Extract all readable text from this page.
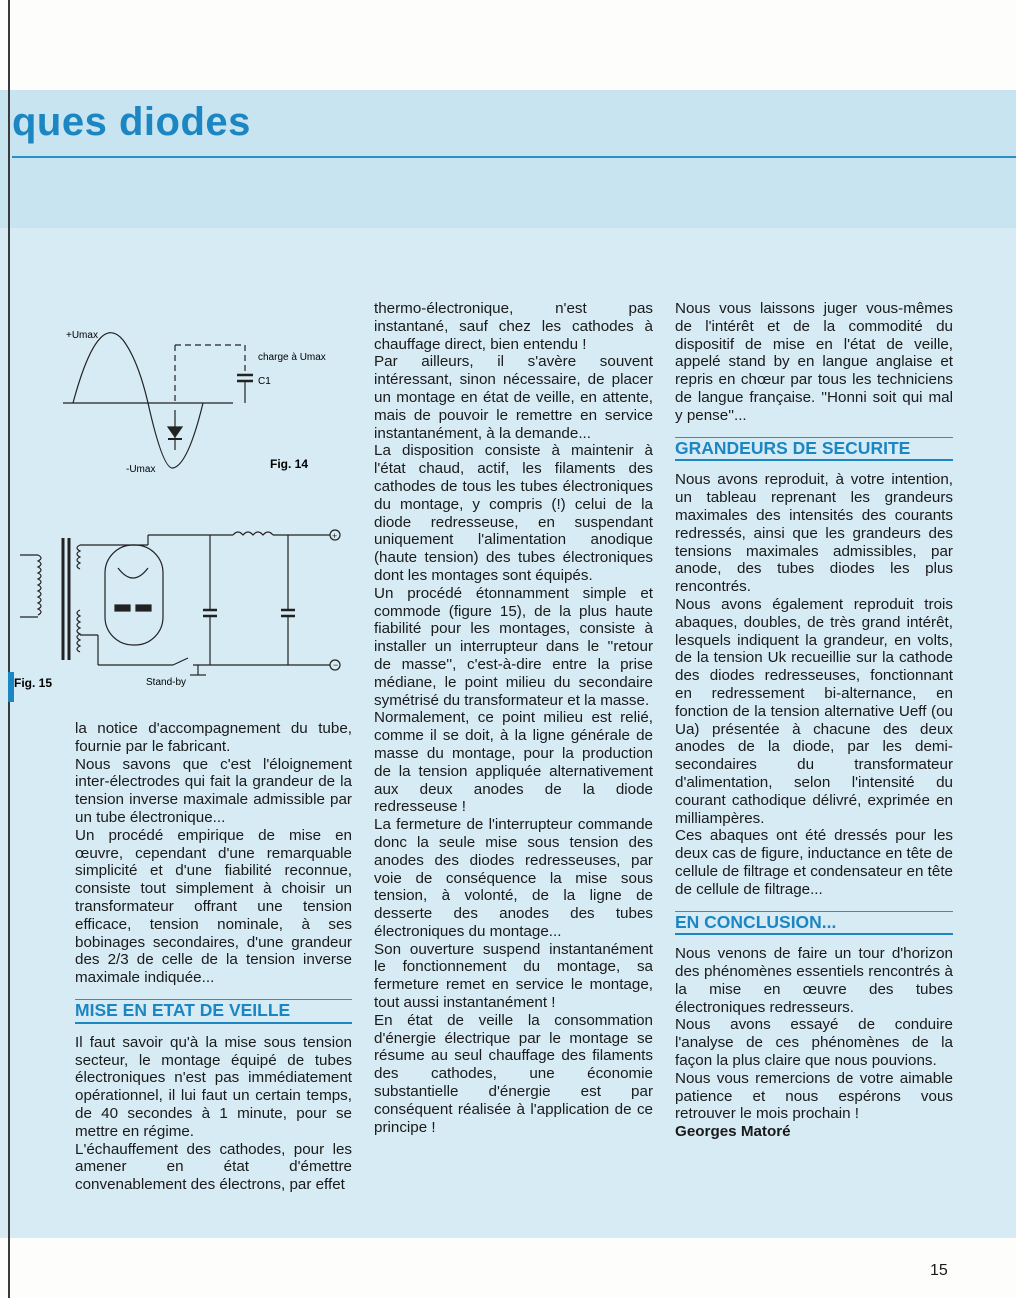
ques diodes
+Umax
-Umax
charge à Umax
C1
Fig. 14
+
−
Stand-by
Fig. 15

la notice d'accompagnement du tube, fournie par le fabricant.

Nous savons que c'est l'éloignement inter-électrodes qui fait la grandeur de la tension inverse maximale admissible par un tube électronique...

Un procédé empirique de mise en œuvre, cependant d'une remarquable simplicité et d'une fiabilité reconnue, consiste tout simplement à choisir un transformateur offrant une tension efficace, tension nominale, à ses bobinages secondaires, d'une grandeur des 2/3 de celle de la tension inverse maximale indiquée...

MISE EN ETAT DE VEILLE

Il faut savoir qu'à la mise sous tension secteur, le montage équipé de tubes électroniques n'est pas immédiatement opérationnel, il lui faut un certain temps, de 40 secondes à 1 minute, pour se mettre en régime.

L'échauffement des cathodes, pour les amener en état d'émettre convenablement des électrons, par effet

thermo-électronique, n'est pas instantané, sauf chez les cathodes à chauffage direct, bien entendu !

Par ailleurs, il s'avère souvent intéressant, sinon nécessaire, de placer un montage en état de veille, en attente, mais de pouvoir le remettre en service instantanément, à la demande...

La disposition consiste à maintenir à l'état chaud, actif, les filaments des cathodes de tous les tubes électroniques du montage, y compris (!) celui de la diode redresseuse, en suspendant uniquement l'alimentation anodique (haute tension) des tubes électroniques dont les montages sont équipés.

Un procédé étonnamment simple et commode (figure 15), de la plus haute fiabilité pour les montages, consiste à installer un interrupteur dans le ''retour de masse'', c'est-à-dire entre la prise médiane, le point milieu du secondaire symétrisé du transformateur et la masse.

Normalement, ce point milieu est relié, comme il se doit, à la ligne générale de masse du montage, pour la production de la tension appliquée alternativement aux deux anodes de la diode redresseuse !

La fermeture de l'interrupteur commande donc la seule mise sous tension des anodes des diodes redresseuses, par voie de conséquence la mise sous tension, à volonté, de la ligne de desserte des anodes des tubes électroniques du montage...

Son ouverture suspend instantanément le fonctionnement du montage, sa fermeture remet en service le montage, tout aussi instantanément !

En état de veille la consommation d'énergie électrique par le montage se résume au seul chauffage des filaments des cathodes, une économie substantielle d'énergie est par conséquent réalisée à l'application de ce principe !

Nous vous laissons juger vous-mêmes de l'intérêt et de la commodité du dispositif de mise en l'état de veille, appelé stand by en langue anglaise et repris en chœur par tous les techniciens de langue française. ''Honni soit qui mal y pense''...

GRANDEURS DE SECURITE

Nous avons reproduit, à votre intention, un tableau reprenant les grandeurs maximales des intensités des courants redressés, ainsi que les grandeurs des tensions maximales admissibles, par anode, des tubes diodes les plus rencontrés.

Nous avons également reproduit trois abaques, doubles, de très grand intérêt, lesquels indiquent la grandeur, en volts, de la tension Uk recueillie sur la cathode des diodes redresseuses, fonctionnant en redressement bi-alternance, en fonction de la tension alternative Ueff (ou Ua) présentée à chacune des deux anodes de la diode, par les demi-secondaires du transformateur d'alimentation, selon l'intensité du courant cathodique délivré, exprimée en milliampères.

Ces abaques ont été dressés pour les deux cas de figure, inductance en tête de cellule de filtrage et condensateur en tête de cellule de filtrage...

EN CONCLUSION...

Nous venons de faire un tour d'horizon des phénomènes essentiels rencontrés à la mise en œuvre des tubes électroniques redresseurs.

Nous avons essayé de conduire l'analyse de ces phénomènes de la façon la plus claire que nous pouvions.

Nous vous remercions de votre aimable patience et nous espérons vous retrouver le mois prochain !

Georges Matoré

15
